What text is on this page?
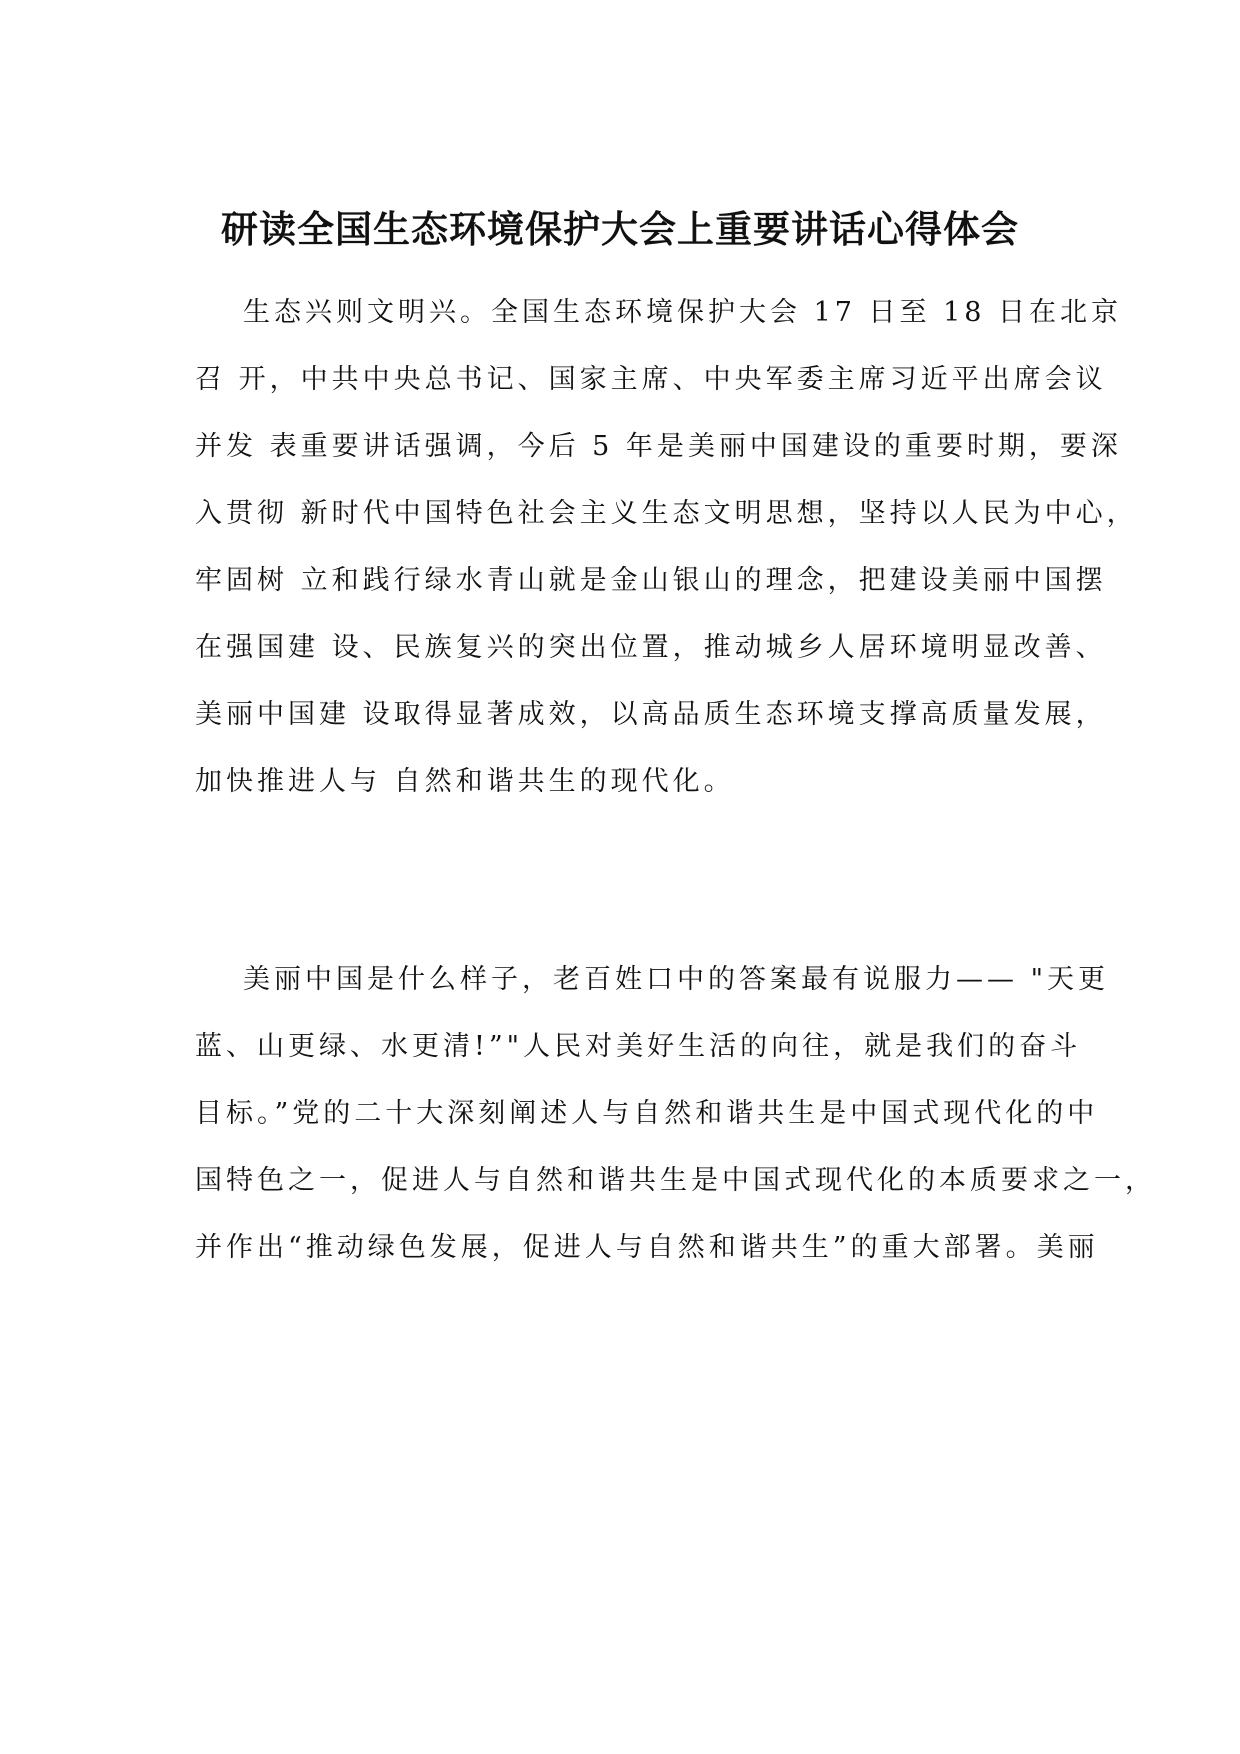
研读全国生态环境保护大会上重要讲话心得体会
生态兴则文明兴。全国生态环境保护大会 17 日至 18 日在北京
召 开，中共中央总书记、国家主席、中央军委主席习近平出席会议
并发 表重要讲话强调，今后 5 年是美丽中国建设的重要时期，要深
入贯彻 新时代中国特色社会主义生态文明思想，坚持以人民为中心，
牢固树 立和践行绿水青山就是金山银山的理念，把建设美丽中国摆
在强国建 设、民族复兴的突出位置，推动城乡人居环境明显改善、
美丽中国建 设取得显著成效，以高品质生态环境支撑高质量发展，
加快推进人与 自然和谐共生的现代化。
美丽中国是什么样子，老百姓口中的答案最有说服力—— "天更
蓝、山更绿、水更清!”"人民对美好生活的向往，就是我们的奋斗
目标。”党的二十大深刻阐述人与自然和谐共生是中国式现代化的中
国特色之一，促进人与自然和谐共生是中国式现代化的本质要求之一，
并作出“推动绿色发展，促进人与自然和谐共生”的重大部署。美丽
